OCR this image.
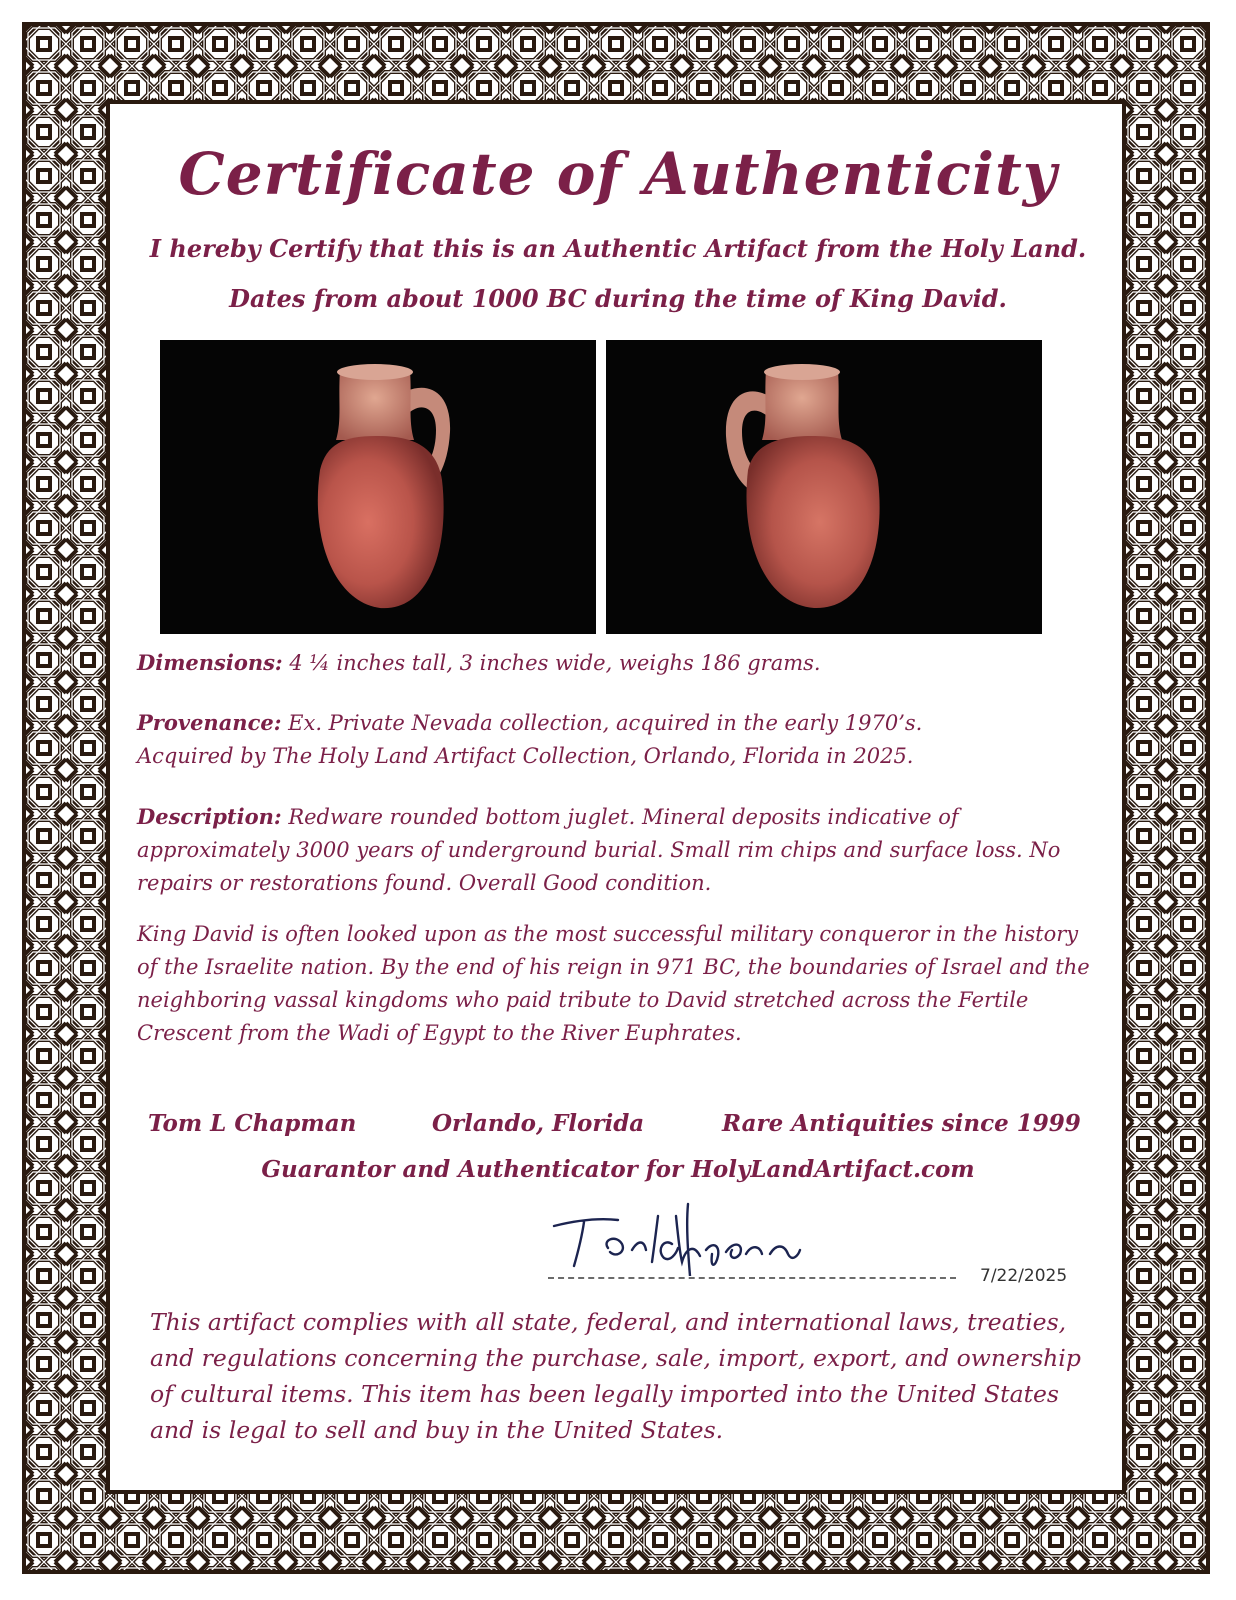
Certificate of Authenticity
I hereby Certify that this is an Authentic Artifact from the Holy Land.
Dates from about 1000 BC during the time of King David.
Dimensions: 4 ¼ inches tall, 3 inches wide, weighs 186 grams.
Provenance: Ex. Private Nevada collection, acquired in the early 1970’s.
Acquired by The Holy Land Artifact Collection, Orlando, Florida in 2025.
Description: Redware rounded bottom juglet. Mineral deposits indicative of approximately 3000 years of underground burial. Small rim chips and surface loss. No repairs or restorations found. Overall Good condition.
King David is often looked upon as the most successful military conqueror in the history of the Israelite nation. By the end of his reign in 971 BC, the boundaries of Israel and the neighboring vassal kingdoms who paid tribute to David stretched across the Fertile Crescent from the Wadi of Egypt to the River Euphrates.
Tom L Chapman	Orlando, Florida	Rare Antiquities since 1999
Guarantor and Authenticator for HolyLandArtifact.com
7/22/2025
This artifact complies with all state, federal, and international laws, treaties, and regulations concerning the purchase, sale, import, export, and ownership of cultural items. This item has been legally imported into the United States and is legal to sell and buy in the United States.
